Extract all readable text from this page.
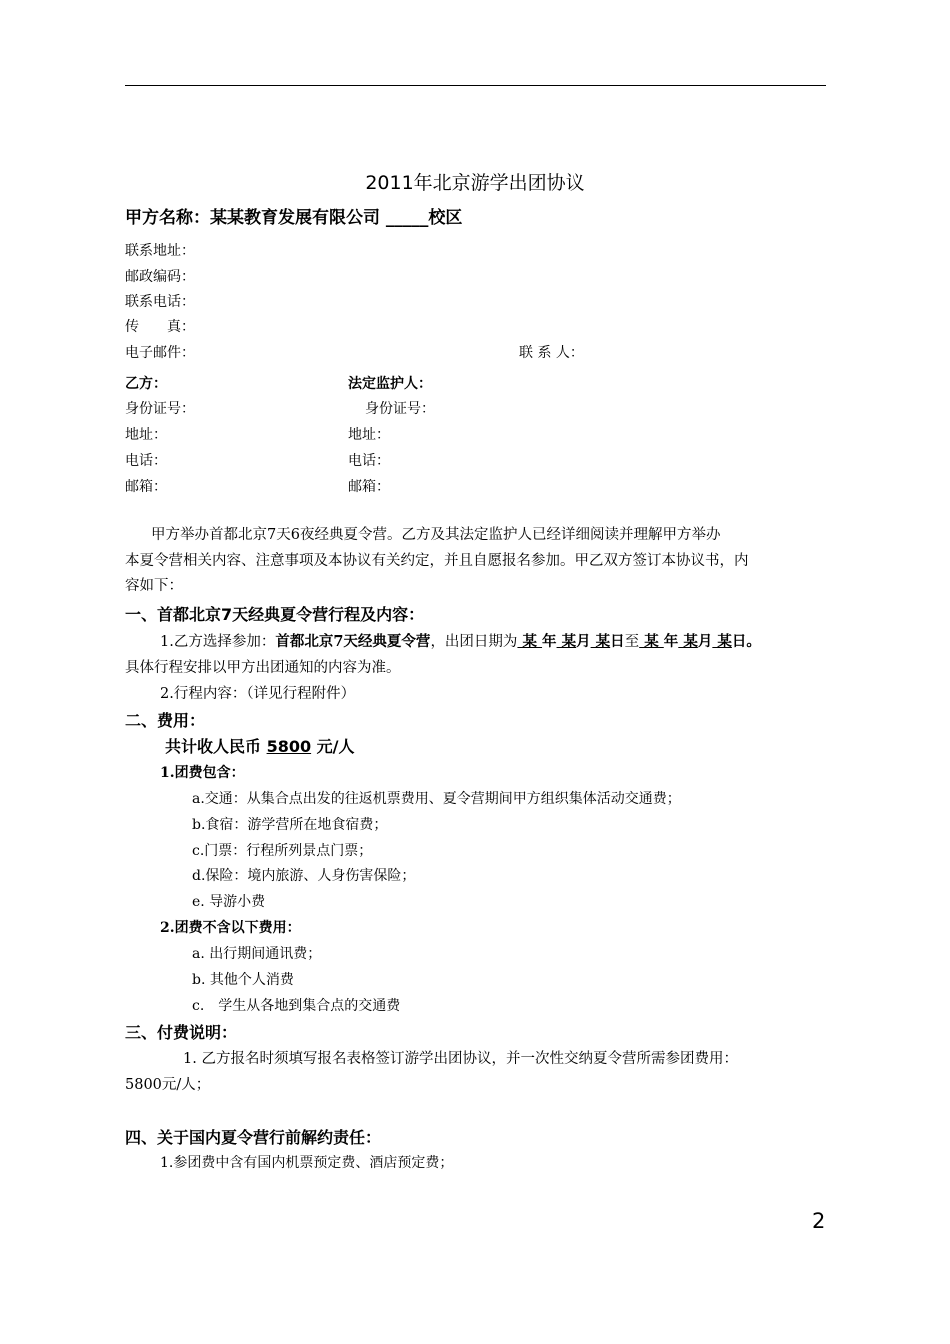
2011年北京游学出团协议
甲方名称：某某教育发展有限公司 _____校区
联系地址：
邮政编码：
联系电话：
传　　真：
电子邮件：	联 系 人：
乙方：	法定监护人：
身份证号：	身份证号：
地址：	地址：
电话：	电话：
邮箱：	邮箱：
甲方举办首都北京7天6夜经典夏令营。乙方及其法定监护人已经详细阅读并理解甲方举办
本夏令营相关内容、注意事项及本协议有关约定，并且自愿报名参加。甲乙双方签订本协议书，内
容如下：
一、首都北京7天经典夏令营行程及内容：
1.乙方选择参加：首都北京7天经典夏令营，出团日期为 某 年 某月 某日至 某 年 某月 某日。
具体行程安排以甲方出团通知的内容为准。
2.行程内容：（详见行程附件）
二、费用：
共计收人民币 5800 元/人
1.团费包含：
a.交通：从集合点出发的往返机票费用、夏令营期间甲方组织集体活动交通费；
b.食宿：游学营所在地食宿费；
c.门票：行程所列景点门票；
d.保险：境内旅游、人身伤害保险；
e. 导游小费
2.团费不含以下费用：
a. 出行期间通讯费；
b. 其他个人消费
c.　学生从各地到集合点的交通费
三、付费说明：
1. 乙方报名时须填写报名表格签订游学出团协议，并一次性交纳夏令营所需参团费用：
5800元/人；
四、关于国内夏令营行前解约责任：
1.参团费中含有国内机票预定费、酒店预定费；
2
